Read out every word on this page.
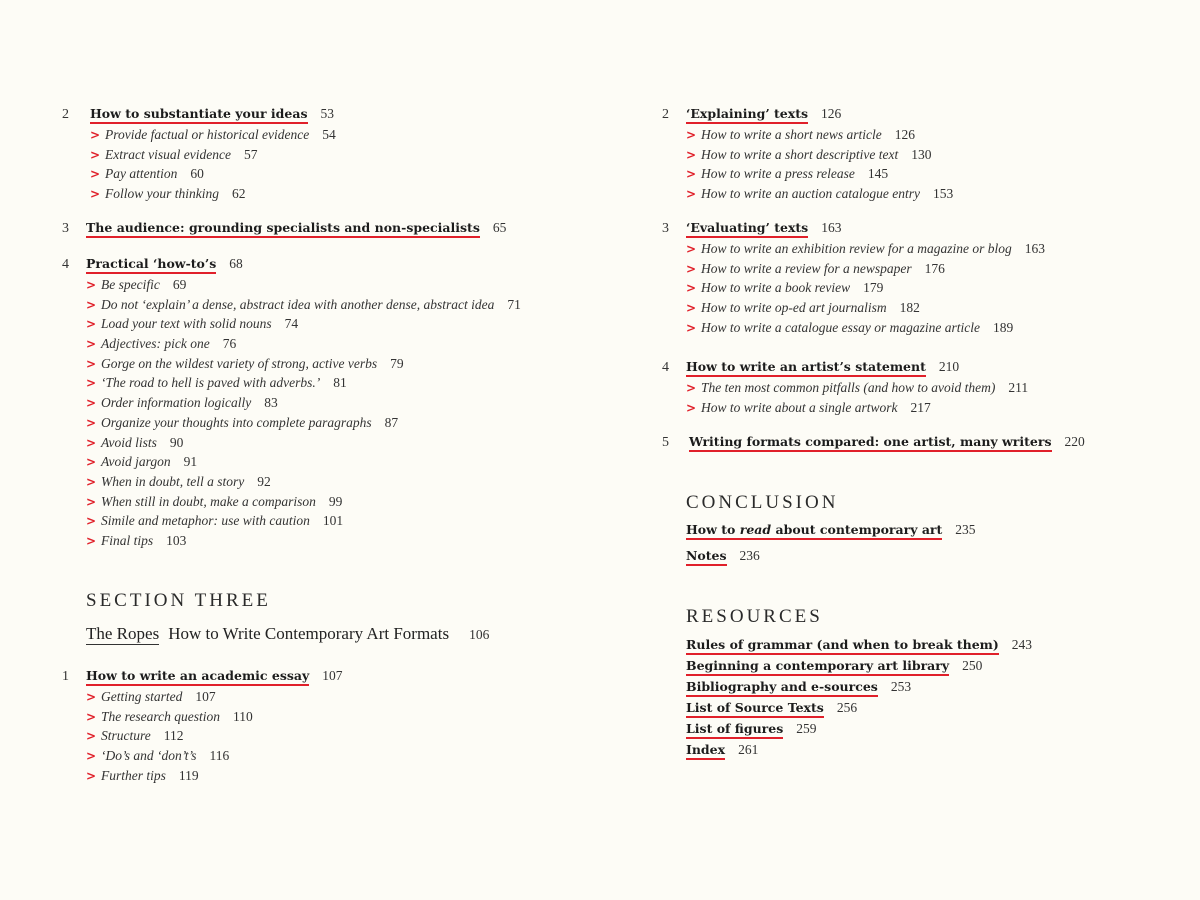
2	How to substantiate your ideas 53
> Provide factual or historical evidence 54
> Extract visual evidence 57
> Pay attention 60
> Follow your thinking 62
3	The audience: grounding specialists and non-specialists 65
4	Practical ‘how-to’s 68
> Be specific 69
> Do not ‘explain’ a dense, abstract idea with another dense, abstract idea 71
> Load your text with solid nouns 74
> Adjectives: pick one 76
> Gorge on the wildest variety of strong, active verbs 79
> ‘The road to hell is paved with adverbs.’ 81
> Order information logically 83
> Organize your thoughts into complete paragraphs 87
> Avoid lists 90
> Avoid jargon 91
> When in doubt, tell a story 92
> When still in doubt, make a comparison 99
> Simile and metaphor: use with caution 101
> Final tips 103
SECTION THREE
The Ropes How to Write Contemporary Art Formats 106
1	How to write an academic essay 107
> Getting started 107
> The research question 110
> Structure 112
> ‘Do’s and ‘don’t’s 116
> Further tips 119
2	‘Explaining’ texts 126
> How to write a short news article 126
> How to write a short descriptive text 130
> How to write a press release 145
> How to write an auction catalogue entry 153
3	‘Evaluating’ texts 163
> How to write an exhibition review for a magazine or blog 163
> How to write a review for a newspaper 176
> How to write a book review 179
> How to write op-ed art journalism 182
> How to write a catalogue essay or magazine article 189
4	How to write an artist’s statement 210
> The ten most common pitfalls (and how to avoid them) 211
> How to write about a single artwork 217
5	Writing formats compared: one artist, many writers 220
CONCLUSION
How to read about contemporary art 235
Notes 236
RESOURCES
Rules of grammar (and when to break them) 243
Beginning a contemporary art library 250
Bibliography and e-sources 253
List of Source Texts 256
List of figures 259
Index 261
